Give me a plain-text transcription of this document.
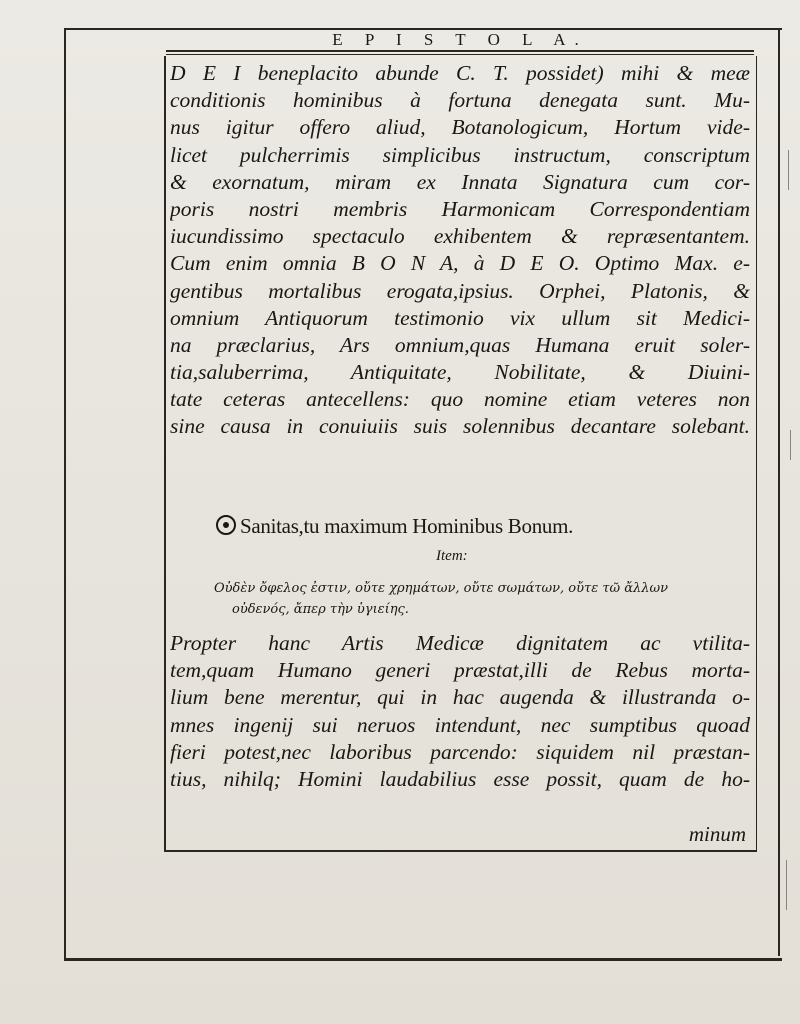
E P I S T O L A.
D E I beneplacito abunde C. T. possidet) mihi & meæ
conditionis hominibus à fortuna denegata sunt. Mu-
nus igitur offero aliud, Botanologicum, Hortum vide-
licet pulcherrimis simplicibus instructum, conscriptum
& exornatum, miram ex Innata Signatura cum cor-
poris nostri membris Harmonicam Correspondentiam
iucundissimo spectaculo exhibentem & repræsentantem.
Cum enim omnia B O N A, à D E O. Optimo Max. e-
gentibus mortalibus erogata,ipsius. Orphei, Platonis, &
omnium Antiquorum testimonio vix ullum sit Medici-
na præclarius, Ars omnium,quas Humana eruit soler-
tia,saluberrima, Antiquitate, Nobilitate, & Diuini-
tate ceteras antecellens: quo nomine etiam veteres non
sine causa in conuiuiis suis solennibus decantare solebant.
Sanitas,tu maximum Hominibus Bonum.
Item:
Οὐδὲν ὄφελος ἐστιν, οὔτε χρημάτων, οὔτε σωμάτων, οὔτε τῶ ἄλλων
οὐδενός, ἄπερ τὴν ὑγιείης.
Propter hanc Artis Medicæ dignitatem ac vtilita-
tem,quam Humano generi præstat,illi de Rebus morta-
lium bene merentur, qui in hac augenda & illustranda o-
mnes ingenij sui neruos intendunt, nec sumptibus quoad
fieri potest,nec laboribus parcendo: siquidem nil præstan-
tius, nihilq; Homini laudabilius esse possit, quam de ho-
minum
